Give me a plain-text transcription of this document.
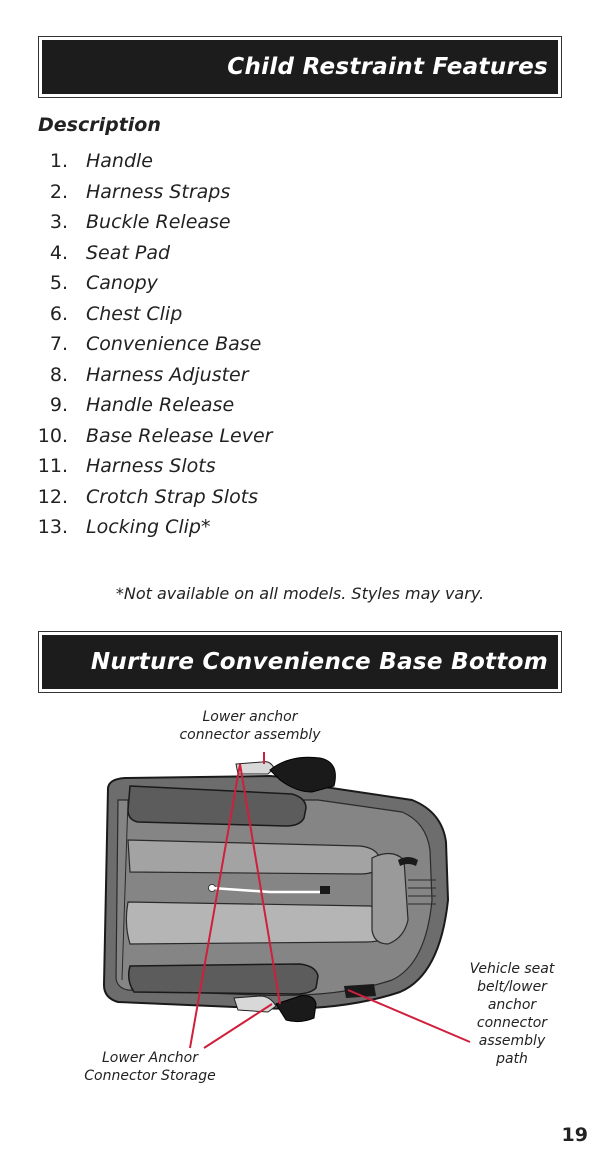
Child Restraint Features
Description
1. Handle
2. Harness Straps
3. Buckle Release
4. Seat Pad
5. Canopy
6. Chest Clip
7. Convenience Base
8. Harness Adjuster
9. Handle Release
10. Base Release Lever
11. Harness Slots
12. Crotch Strap Slots
13. Locking Clip*
*Not available on all models. Styles may vary.
Nurture Convenience Base Bottom
Lower anchor
connector assembly
Lower Anchor
Connector Storage
Vehicle seat
belt/lower
anchor
connector
assembly
path
19
